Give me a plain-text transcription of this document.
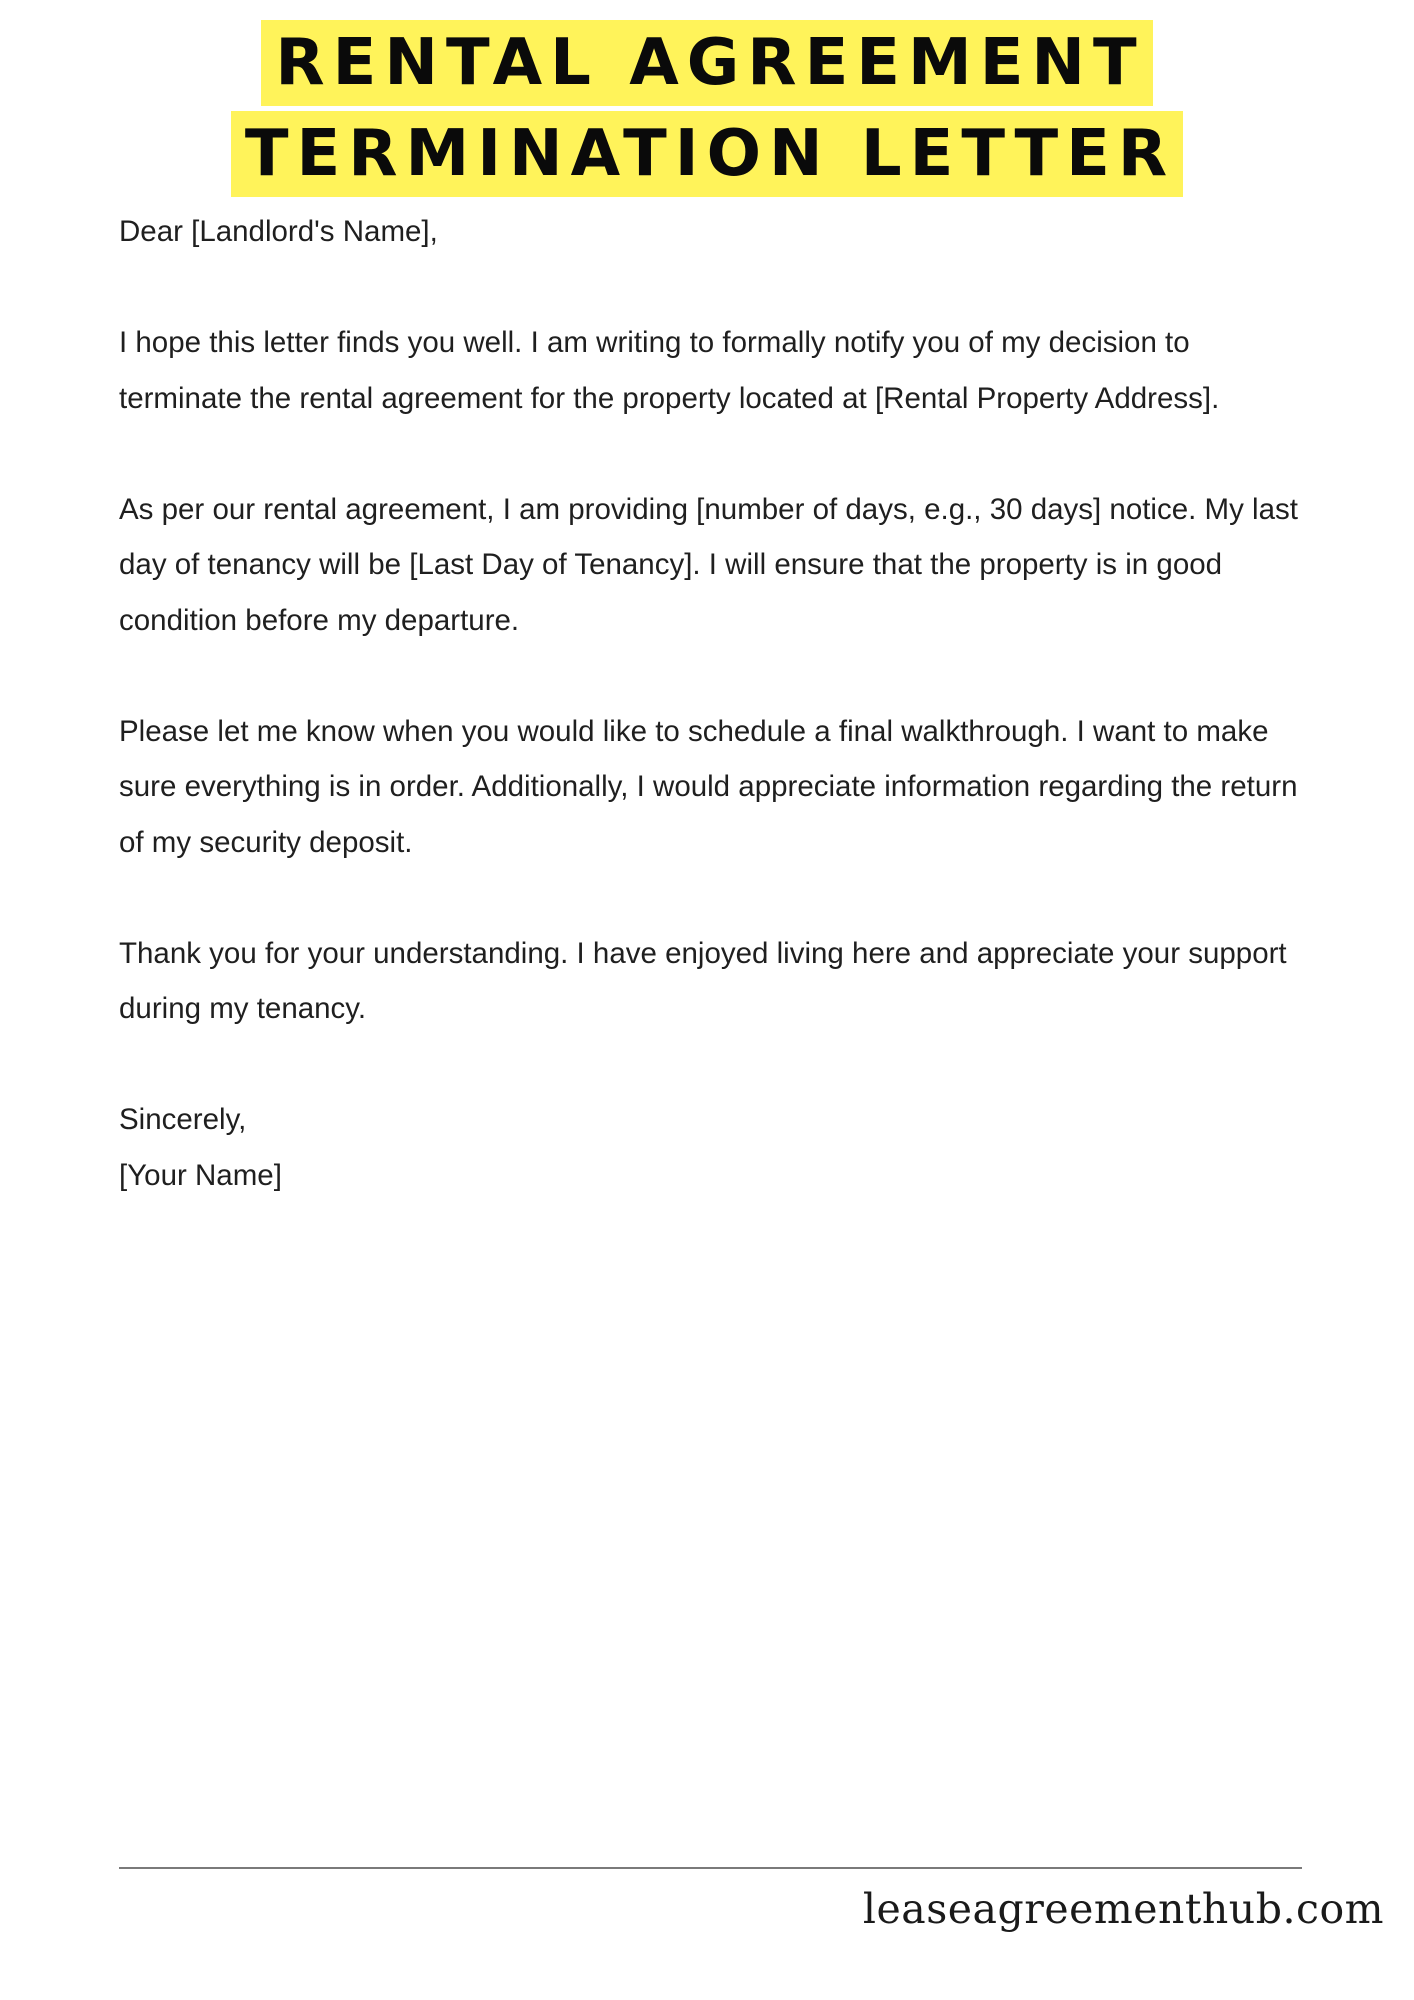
RENTAL AGREEMENT
TERMINATION LETTER

Dear [Landlord's Name],

I hope this letter finds you well. I am writing to formally notify you of my decision to terminate the rental agreement for the property located at [Rental Property Address].

As per our rental agreement, I am providing [number of days, e.g., 30 days] notice. My last day of tenancy will be [Last Day of Tenancy]. I will ensure that the property is in good condition before my departure.

Please let me know when you would like to schedule a final walkthrough. I want to make sure everything is in order. Additionally, I would appreciate information regarding the return of my security deposit.

Thank you for your understanding. I have enjoyed living here and appreciate your support during my tenancy.

Sincerely,

[Your Name]

leaseagreementhub.com
